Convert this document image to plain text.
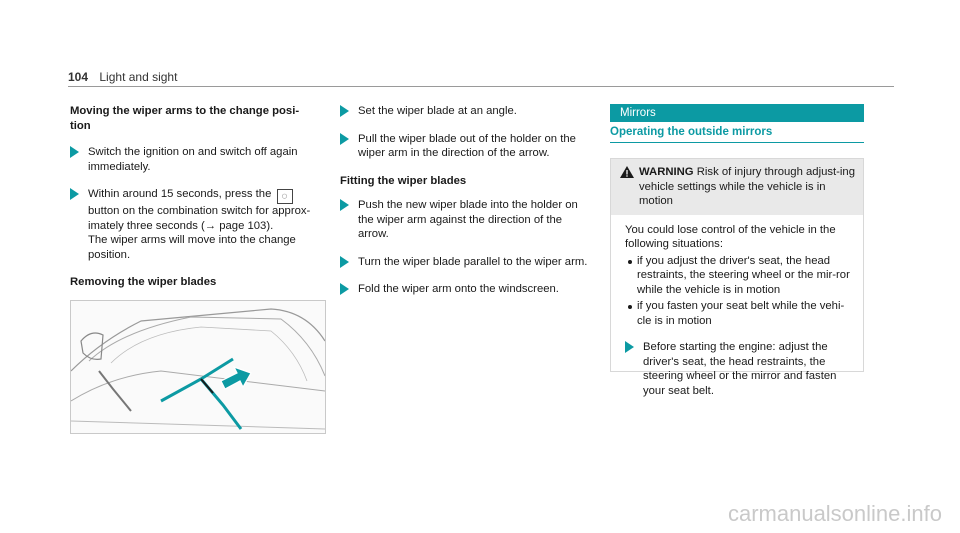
104 Light and sight
Moving the wiper arms to the change posi-
tion
Switch the ignition on and switch off again immediately.
Within around 15 seconds, press the ◌ button on the combination switch for approx-imately three seconds (→ page 103).
The wiper arms will move into the change position.
Removing the wiper blades
Set the wiper blade at an angle.
Pull the wiper blade out of the holder on the wiper arm in the direction of the arrow.
Fitting the wiper blades
Push the new wiper blade into the holder on the wiper arm against the direction of the arrow.
Turn the wiper blade parallel to the wiper arm.
Fold the wiper arm onto the windscreen.
Mirrors
Operating the outside mirrors
WARNING Risk of injury through adjust-ing vehicle settings while the vehicle is in motion
You could lose control of the vehicle in the following situations:
if you adjust the driver's seat, the head restraints, the steering wheel or the mir-ror while the vehicle is in motion
if you fasten your seat belt while the vehi-cle is in motion
Before starting the engine: adjust the driver's seat, the head restraints, the steering wheel or the mirror and fasten your seat belt.
carmanualsonline.info
